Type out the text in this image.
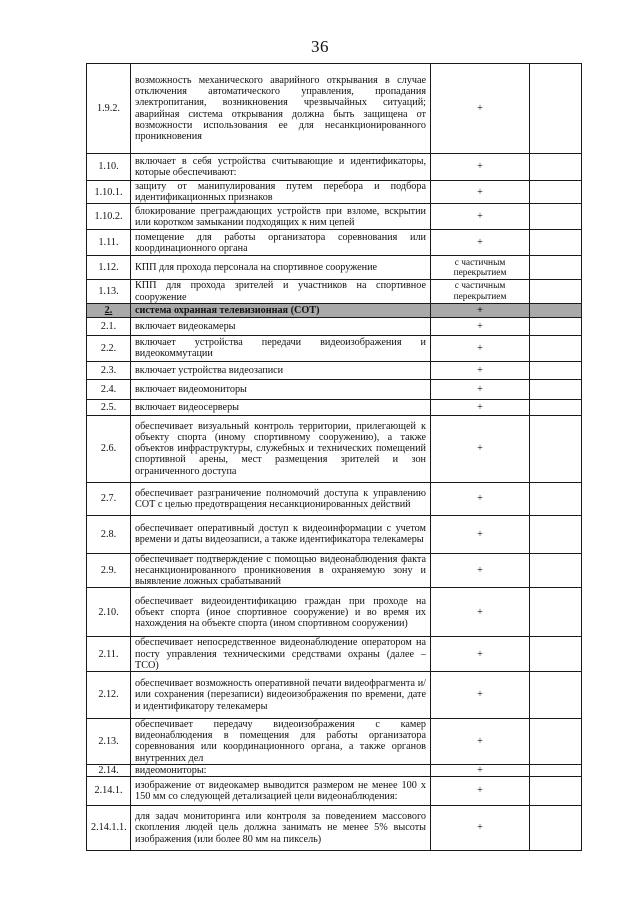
36
1.9.2.	возможность механического аварийного открывания в случае отключения автоматического управления, пропадания электропитания, возникновения чрезвычайных ситуаций; аварийная система открывания должна быть защищена от возможности использования ее для несанкционированного проникновения	+	
1.10.	включает в себя устройства считывающие и идентификаторы, которые обеспечивают:	+	
1.10.1.	защиту от манипулирования путем перебора и подбора идентификационных признаков	+	
1.10.2.	блокирование преграждающих устройств при взломе, вскрытии или коротком замыкании подходящих к ним цепей	+	
1.11.	помещение для работы организатора соревнования или координационного органа	+	
1.12.	КПП для прохода персонала на спортивное сооружение	с частичным перекрытием	
1.13.	КПП для прохода зрителей и участников на спортивное сооружение	с частичным перекрытием	
2.	система охранная телевизионная (СОТ)	+	
2.1.	включает видеокамеры	+	
2.2.	включает устройства передачи видеоизображения и видеокоммутации	+	
2.3.	включает устройства видеозаписи	+	
2.4.	включает видеомониторы	+	
2.5.	включает видеосерверы	+	
2.6.	обеспечивает визуальный контроль территории, прилегающей к объекту спорта (иному спортивному сооружению), а также объектов инфраструктуры, служебных и технических помещений спортивной арены, мест размещения зрителей и зон ограниченного доступа	+	
2.7.	обеспечивает разграничение полномочий доступа к управлению СОТ с целью предотвращения несанкционированных действий	+	
2.8.	обеспечивает оперативный доступ к видеоинформации с учетом времени и даты видеозаписи, а также идентификатора телекамеры	+	
2.9.	обеспечивает подтверждение с помощью видеонаблюдения факта несанкционированного проникновения в охраняемую зону и выявление ложных срабатываний	+	
2.10.	обеспечивает видеоидентификацию граждан при проходе на объект спорта (иное спортивное сооружение) и во время их нахождения на объекте спорта (ином спортивном сооружении)	+	
2.11.	обеспечивает непосредственное видеонаблюдение оператором на посту управления техническими средствами охраны (далее – ТСО)	+	
2.12.	обеспечивает возможность оперативной печати видеофрагмента и/или сохранения (перезаписи) видеоизображения по времени, дате и идентификатору телекамеры	+	
2.13.	обеспечивает передачу видеоизображения с камер видеонаблюдения в помещения для работы организатора соревнования или координационного органа, а также органов внутренних дел	+	
2.14.	видеомониторы:	+	
2.14.1.	изображение от видеокамер выводится размером не менее 100 х 150 мм со следующей детализацией цели видеонаблюдения:	+	
2.14.1.1.	для задач мониторинга или контроля за поведением массового скопления людей цель должна занимать не менее 5% высоты изображения (или более 80 мм на пиксель)	+	
